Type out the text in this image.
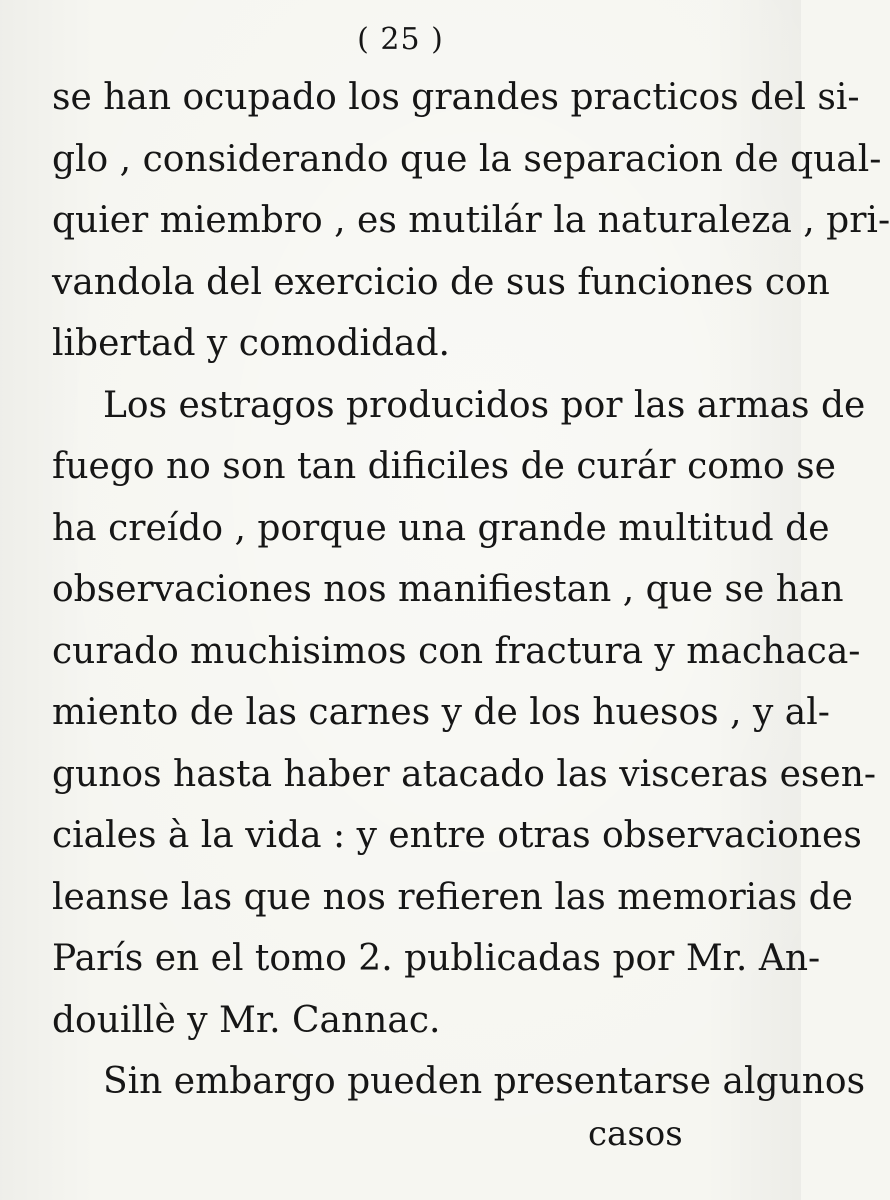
( 25 )
se han ocupado los grandes practicos del si-
glo , considerando que la separacion de qual-
quier miembro , es mutilár la naturaleza , pri-
vandola del exercicio de sus funciones con
libertad y comodidad.
Los estragos producidos por las armas de
fuego no son tan dificiles de curár como se
ha creído , porque una grande multitud de
observaciones nos manifiestan , que se han
curado muchisimos con fractura y machaca-
miento de las carnes y de los huesos , y al-
gunos hasta haber atacado las visceras esen-
ciales à la vida : y entre otras observaciones
leanse las que nos refieren las memorias de
París en el tomo 2. publicadas por Mr. An-
douillè y Mr. Cannac.
Sin embargo pueden presentarse algunos
casos
